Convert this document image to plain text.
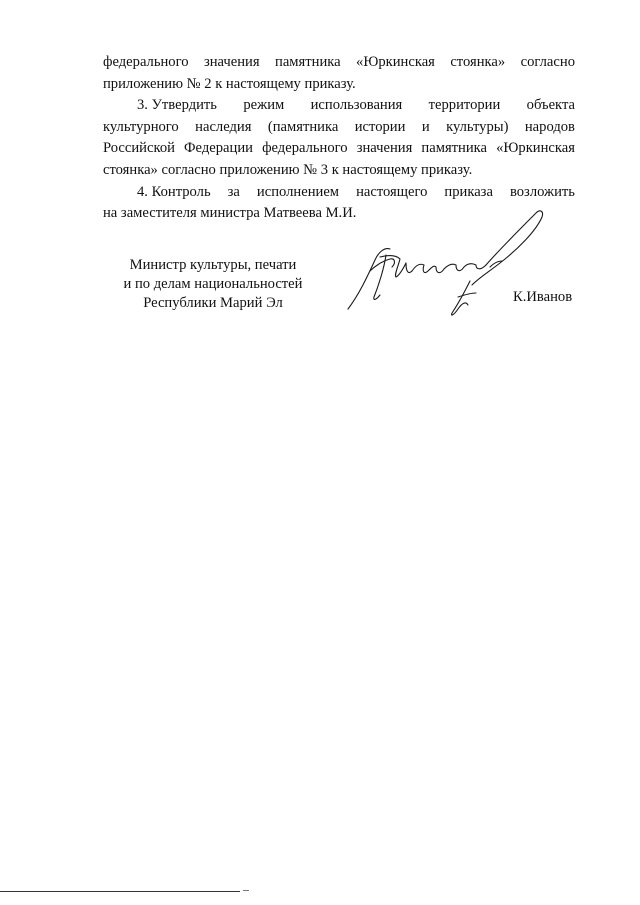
федерального значения памятника «Юркинская стоянка» согласно

приложению № 2 к настоящему приказу.

3. Утвердить режим использования территории объекта

культурного наследия (памятника истории и культуры) народов

Российской Федерации федерального значения памятника «Юркинская

стоянка» согласно приложению № 3 к настоящему приказу.

4. Контроль за исполнением настоящего приказа возложить

на заместителя министра Матвеева М.И.

Министр культуры, печати
и по делам национальностей
Республики Марий Эл	К.Иванов
